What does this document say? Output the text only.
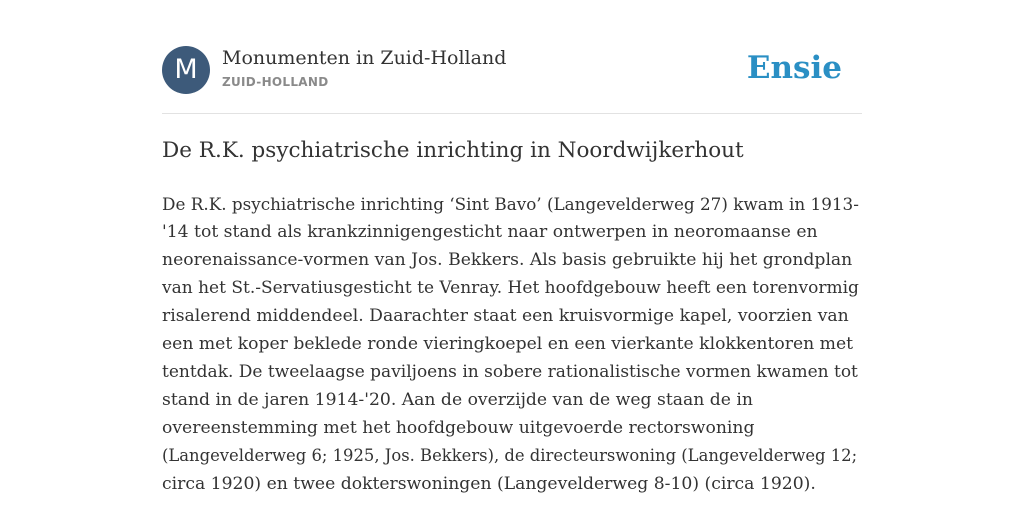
M	Monumenten in Zuid-Holland
ZUID-HOLLAND	Ensie
De R.K. psychiatrische inrichting in Noordwijkerhout

De R.K. psychiatrische inrichting ‘Sint Bavo’ (Langevelderweg 27) kwam in 1913-
'14 tot stand als krankzinnigengesticht naar ontwerpen in neoromaanse en
neorenaissance-vormen van Jos. Bekkers. Als basis gebruikte hij het grondplan
van het St.-Servatiusgesticht te Venray. Het hoofdgebouw heeft een torenvormig
risalerend middendeel. Daarachter staat een kruisvormige kapel, voorzien van
een met koper beklede ronde vieringkoepel en een vierkante klokkentoren met
tentdak. De tweelaagse paviljoens in sobere rationalistische vormen kwamen tot
stand in de jaren 1914-'20. Aan de overzijde van de weg staan de in
overeenstemming met het hoofdgebouw uitgevoerde rectorswoning
(Langevelderweg 6; 1925, Jos. Bekkers), de directeurswoning (Langevelderweg 12;
circa 1920) en twee dokterswoningen (Langevelderweg 8-10) (circa 1920).
